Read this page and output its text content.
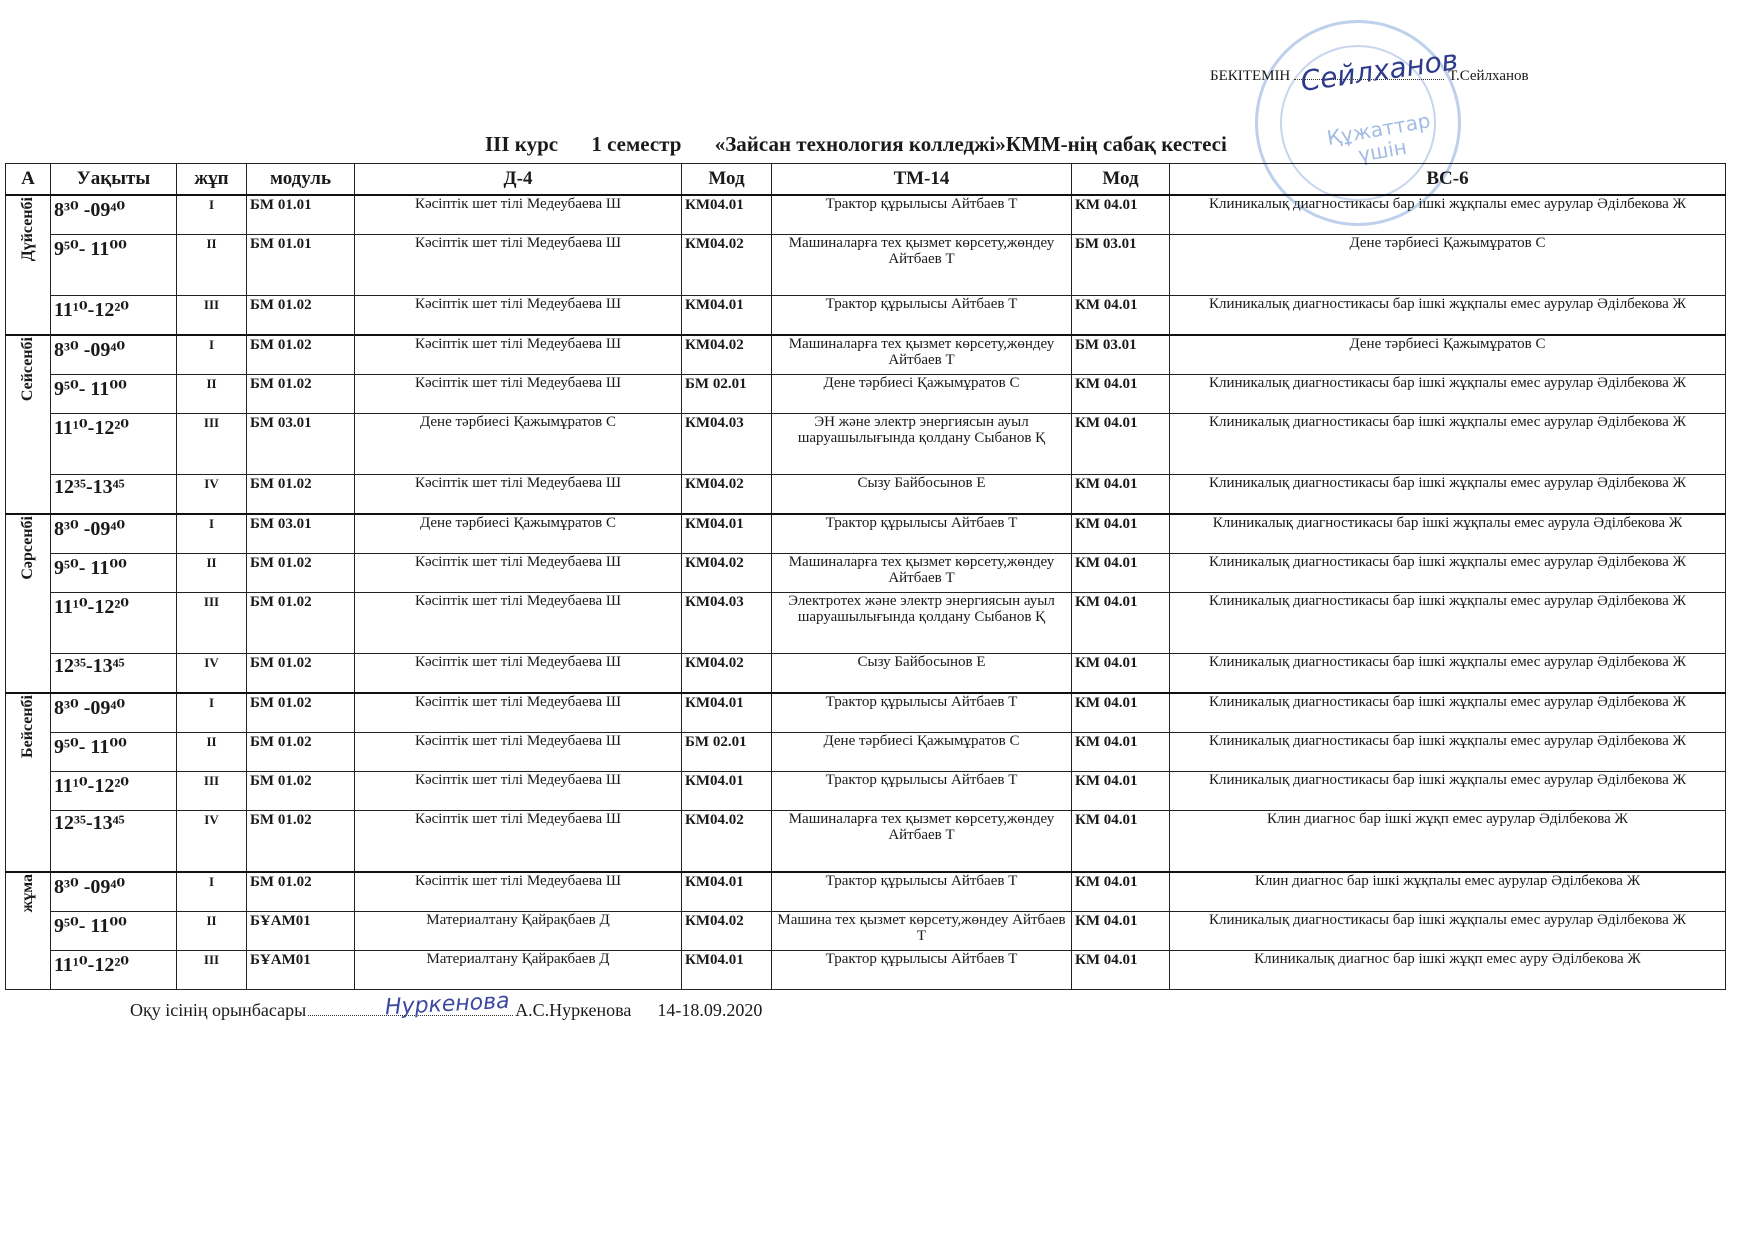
Құжаттар үшін
БЕКІТЕМІН	Т.Сейлханов
Сейлханов
III курс 1 семестр «Зайсан технология колледжі»КММ-нің сабақ кестесі
А	Уақыты	жұп	модуль	Д-4	Мод	ТМ-14	Мод	ВС-6

Дүйсенбі	8³⁰ -09⁴⁰	I	БМ 01.01	Кәсіптік шет тілі Медеубаева Ш	КМ04.01	Трактор құрылысы Айтбаев Т	КМ 04.01	Клиникалық диагностикасы бар ішкі жұқпалы емес аурулар Әділбекова Ж
	9⁵⁰- 11⁰⁰	II	БМ 01.01	Кәсіптік шет тілі Медеубаева Ш	КМ04.02	Машиналарға тех қызмет көрсету,жөндеу Айтбаев Т	БМ 03.01	Дене тәрбиесі Қажымұратов С
	11¹⁰-12²⁰	III	БМ 01.02	Кәсіптік шет тілі Медеубаева Ш	КМ04.01	Трактор құрылысы Айтбаев Т	КМ 04.01	Клиникалық диагностикасы бар ішкі жұқпалы емес аурулар Әділбекова Ж

Сейсенбі	8³⁰ -09⁴⁰	I	БМ 01.02	Кәсіптік шет тілі Медеубаева Ш	КМ04.02	Машиналарға тех қызмет көрсету,жөндеу Айтбаев Т	БМ 03.01	Дене тәрбиесі Қажымұратов С
	9⁵⁰- 11⁰⁰	II	БМ 01.02	Кәсіптік шет тілі Медеубаева Ш	БМ 02.01	Дене тәрбиесі Қажымұратов С	КМ 04.01	Клиникалық диагностикасы бар ішкі жұқпалы емес аурулар Әділбекова Ж
	11¹⁰-12²⁰	III	БМ 03.01	Дене тәрбиесі Қажымұратов С	КМ04.03	ЭН және электр энергиясын ауыл шаруашылығында қолдану Сыбанов Қ	КМ 04.01	Клиникалық диагностикасы бар ішкі жұқпалы емес аурулар Әділбекова Ж
	12³⁵-13⁴⁵	IV	БМ 01.02	Кәсіптік шет тілі Медеубаева Ш	КМ04.02	Сызу Байбосынов Е	КМ 04.01	Клиникалық диагностикасы бар ішкі жұқпалы емес аурулар Әділбекова Ж

Сәрсенбі	8³⁰ -09⁴⁰	I	БМ 03.01	Дене тәрбиесі Қажымұратов С	КМ04.01	Трактор құрылысы Айтбаев Т	КМ 04.01	Клиникалық диагностикасы бар ішкі жұқпалы емес аурула Әділбекова Ж
	9⁵⁰- 11⁰⁰	II	БМ 01.02	Кәсіптік шет тілі Медеубаева Ш	КМ04.02	Машиналарға тех қызмет көрсету,жөндеу Айтбаев Т	КМ 04.01	Клиникалық диагностикасы бар ішкі жұқпалы емес аурулар Әділбекова Ж
	11¹⁰-12²⁰	III	БМ 01.02	Кәсіптік шет тілі Медеубаева Ш	КМ04.03	Электротех және электр энергиясын ауыл шаруашылығында қолдану Сыбанов Қ	КМ 04.01	Клиникалық диагностикасы бар ішкі жұқпалы емес аурулар Әділбекова Ж
	12³⁵-13⁴⁵	IV	БМ 01.02	Кәсіптік шет тілі Медеубаева Ш	КМ04.02	Сызу Байбосынов Е	КМ 04.01	Клиникалық диагностикасы бар ішкі жұқпалы емес аурулар Әділбекова Ж

Бейсенбі	8³⁰ -09⁴⁰	I	БМ 01.02	Кәсіптік шет тілі Медеубаева Ш	КМ04.01	Трактор құрылысы Айтбаев Т	КМ 04.01	Клиникалық диагностикасы бар ішкі жұқпалы емес аурулар Әділбекова Ж
	9⁵⁰- 11⁰⁰	II	БМ 01.02	Кәсіптік шет тілі Медеубаева Ш	БМ 02.01	Дене тәрбиесі Қажымұратов С	КМ 04.01	Клиникалық диагностикасы бар ішкі жұқпалы емес аурулар Әділбекова Ж
	11¹⁰-12²⁰	III	БМ 01.02	Кәсіптік шет тілі Медеубаева Ш	КМ04.01	Трактор құрылысы Айтбаев Т	КМ 04.01	Клиникалық диагностикасы бар ішкі жұқпалы емес аурулар Әділбекова Ж
	12³⁵-13⁴⁵	IV	БМ 01.02	Кәсіптік шет тілі Медеубаева Ш	КМ04.02	Машиналарға тех қызмет көрсету,жөндеу Айтбаев Т	КМ 04.01	Клин диагнос бар ішкі жұқп емес аурулар Әділбекова Ж

жұма	8³⁰ -09⁴⁰	I	БМ 01.02	Кәсіптік шет тілі Медеубаева Ш	КМ04.01	Трактор құрылысы Айтбаев Т	КМ 04.01	Клин диагнос бар ішкі жұқпалы емес аурулар Әділбекова Ж
	9⁵⁰- 11⁰⁰	II	БҰАМ01	Материалтану Қайрақбаев Д	КМ04.02	Машина тех қызмет көрсету,жөндеу Айтбаев Т	КМ 04.01	Клиникалық диагностикасы бар ішкі жұқпалы емес аурулар Әділбекова Ж
	11¹⁰-12²⁰	III	БҰАМ01	Материалтану Қайракбаев Д	КМ04.01	Трактор құрылысы Айтбаев Т	КМ 04.01	Клиникалық диагнос бар ішкі жұқп емес ауру Әділбекова Ж
Оқу ісінің орынбасары	А.С.Нуркенова 14-18.09.2020
Нуркенова
